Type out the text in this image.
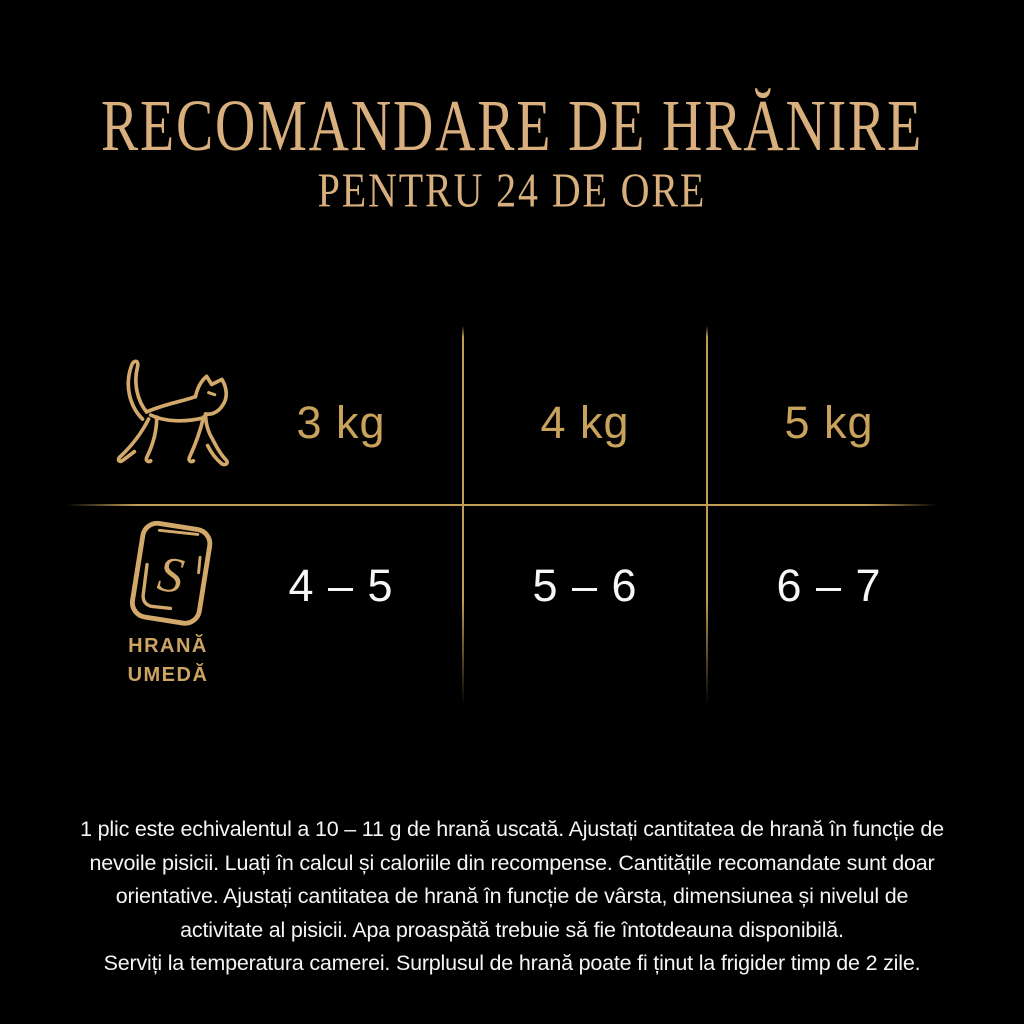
RECOMANDARE DE HRĂNIRE
PENTRU 24 DE ORE
3 kg	4 kg	5 kg
S
HRANĂ
UMEDĂ
4 – 5	5 – 6	6 – 7
1 plic este echivalentul a 10 – 11 g de hrană uscată. Ajustați cantitatea de hrană în funcție de
nevoile pisicii. Luați în calcul și caloriile din recompense. Cantitățile recomandate sunt doar
orientative. Ajustați cantitatea de hrană în funcție de vârsta, dimensiunea și nivelul de
activitate al pisicii. Apa proaspătă trebuie să fie întotdeauna disponibilă.
Serviți la temperatura camerei. Surplusul de hrană poate fi ținut la frigider timp de 2 zile.
